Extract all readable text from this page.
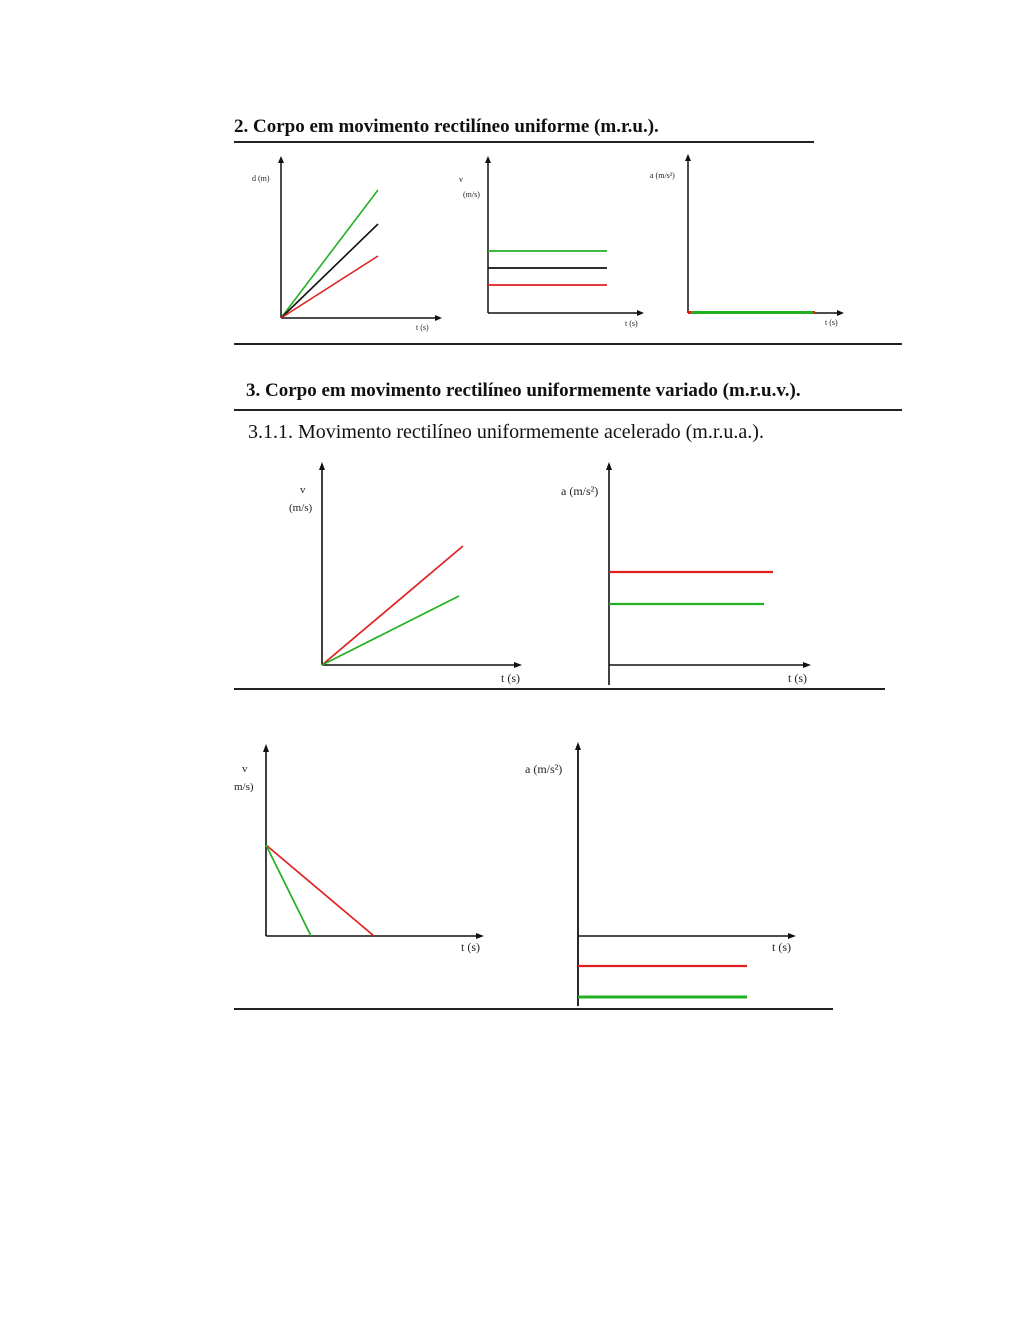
2. Corpo em movimento rectilíneo uniforme (m.r.u.).
d (m)
t (s)
v
(m/s)
t (s)
a (m/s²)
t (s)
3. Corpo em movimento rectilíneo uniformemente variado (m.r.u.v.).
3.1.1. Movimento rectilíneo uniformemente acelerado (m.r.u.a.).
v
(m/s)
t (s)
a (m/s²)
t (s)
v
m/s)
t (s)
a (m/s²)
t (s)
